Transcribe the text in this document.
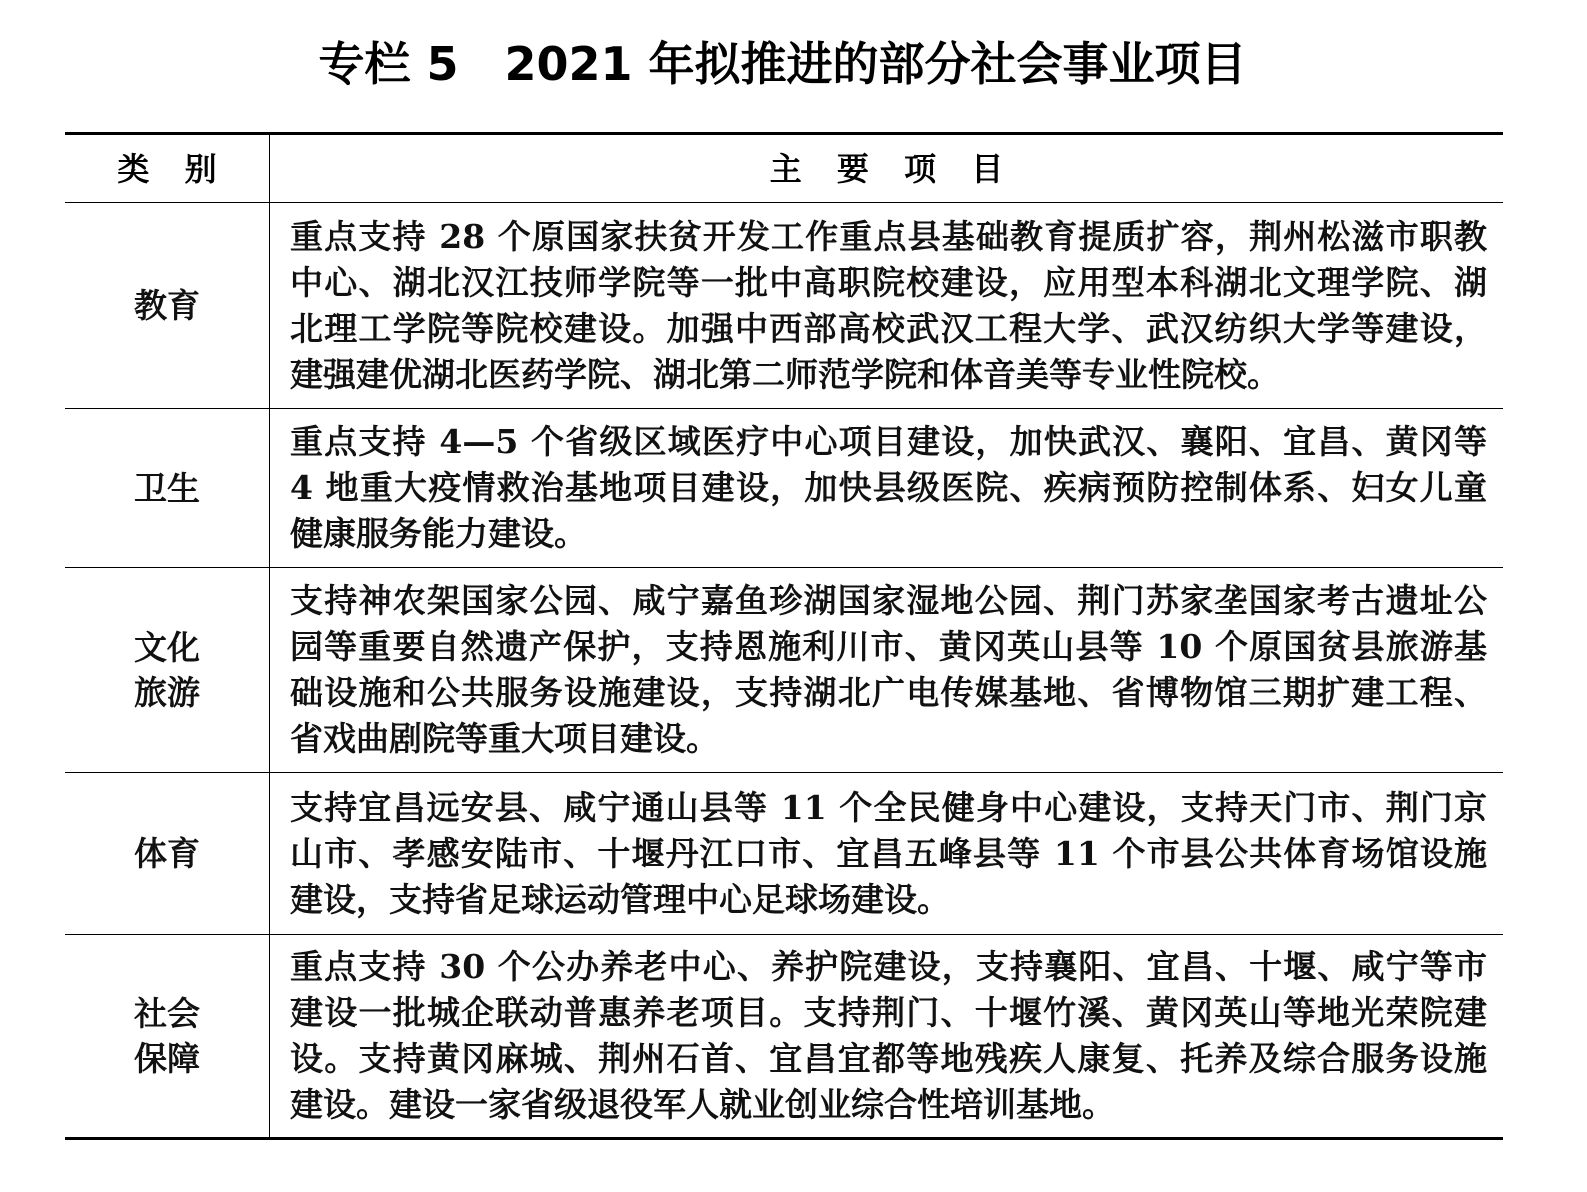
专栏 5　2021 年拟推进的部分社会事业项目
类 别	主 要 项 目
教育
重点支持 28 个原国家扶贫开发工作重点县基础教育提质扩容，荆州松滋市职教
中心、湖北汉江技师学院等一批中高职院校建设，应用型本科湖北文理学院、湖
北理工学院等院校建设。加强中西部高校武汉工程大学、武汉纺织大学等建设，
建强建优湖北医药学院、湖北第二师范学院和体音美等专业性院校。
卫生
重点支持 4—5 个省级区域医疗中心项目建设，加快武汉、襄阳、宜昌、黄冈等
4 地重大疫情救治基地项目建设，加快县级医院、疾病预防控制体系、妇女儿童
健康服务能力建设。
文化
旅游
支持神农架国家公园、咸宁嘉鱼珍湖国家湿地公园、荆门苏家垄国家考古遗址公
园等重要自然遗产保护，支持恩施利川市、黄冈英山县等 10 个原国贫县旅游基
础设施和公共服务设施建设，支持湖北广电传媒基地、省博物馆三期扩建工程、
省戏曲剧院等重大项目建设。
体育
支持宜昌远安县、咸宁通山县等 11 个全民健身中心建设，支持天门市、荆门京
山市、孝感安陆市、十堰丹江口市、宜昌五峰县等 11 个市县公共体育场馆设施
建设，支持省足球运动管理中心足球场建设。
社会
保障
重点支持 30 个公办养老中心、养护院建设，支持襄阳、宜昌、十堰、咸宁等市
建设一批城企联动普惠养老项目。支持荆门、十堰竹溪、黄冈英山等地光荣院建
设。支持黄冈麻城、荆州石首、宜昌宜都等地残疾人康复、托养及综合服务设施
建设。建设一家省级退役军人就业创业综合性培训基地。
